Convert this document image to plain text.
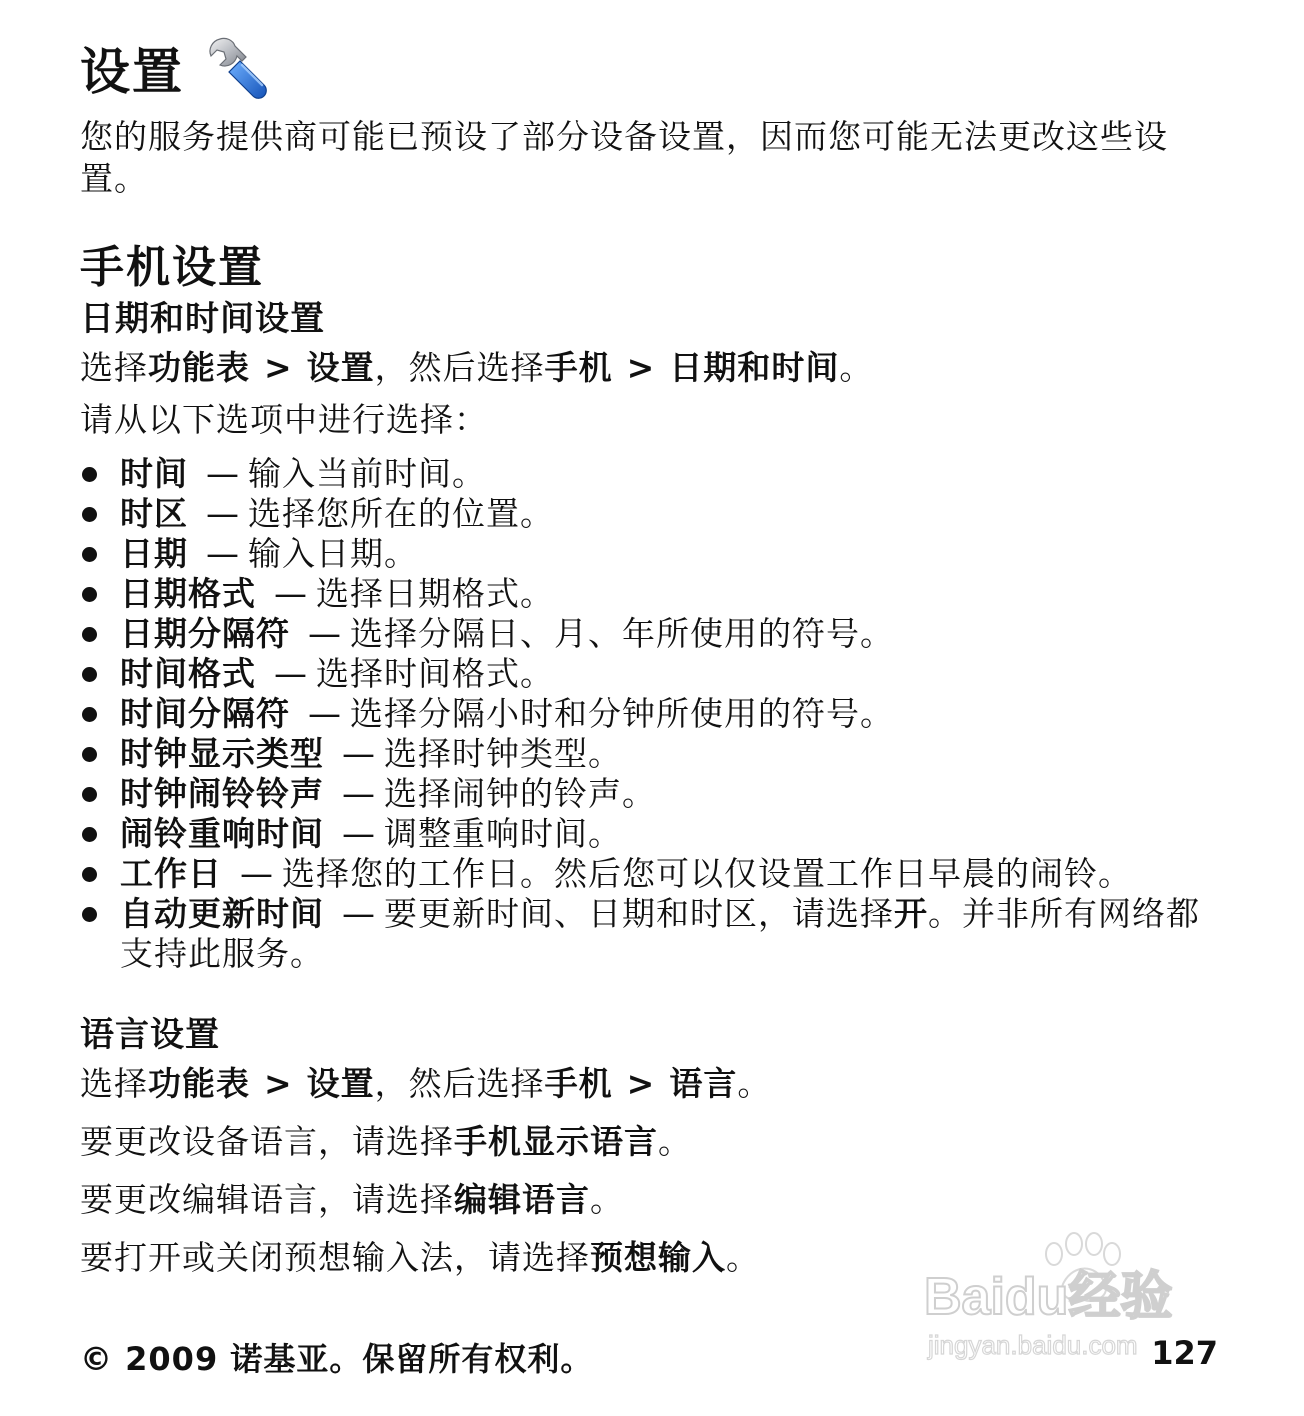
设置
您的服务提供商可能已预设了部分设备设置，因而您可能无法更改这些设置。
手机设置
日期和时间设置
选择功能表 > 设置，然后选择手机 > 日期和时间。
请从以下选项中进行选择：
时间 — 输入当前时间。
时区 — 选择您所在的位置。
日期 — 输入日期。
日期格式 — 选择日期格式。
日期分隔符 — 选择分隔日、月、年所使用的符号。
时间格式 — 选择时间格式。
时间分隔符 — 选择分隔小时和分钟所使用的符号。
时钟显示类型 — 选择时钟类型。
时钟闹铃铃声 — 选择闹钟的铃声。
闹铃重响时间 — 调整重响时间。
工作日 — 选择您的工作日。然后您可以仅设置工作日早晨的闹铃。
自动更新时间 — 要更新时间、日期和时区，请选择开。并非所有网络都支持此服务。
语言设置
选择功能表 > 设置，然后选择手机 > 语言。
要更改设备语言，请选择手机显示语言。
要更改编辑语言，请选择编辑语言。
要打开或关闭预想输入法，请选择预想输入。
Baidu经验
jingyan.baidu.com
© 2009 诺基亚。保留所有权利。	127
